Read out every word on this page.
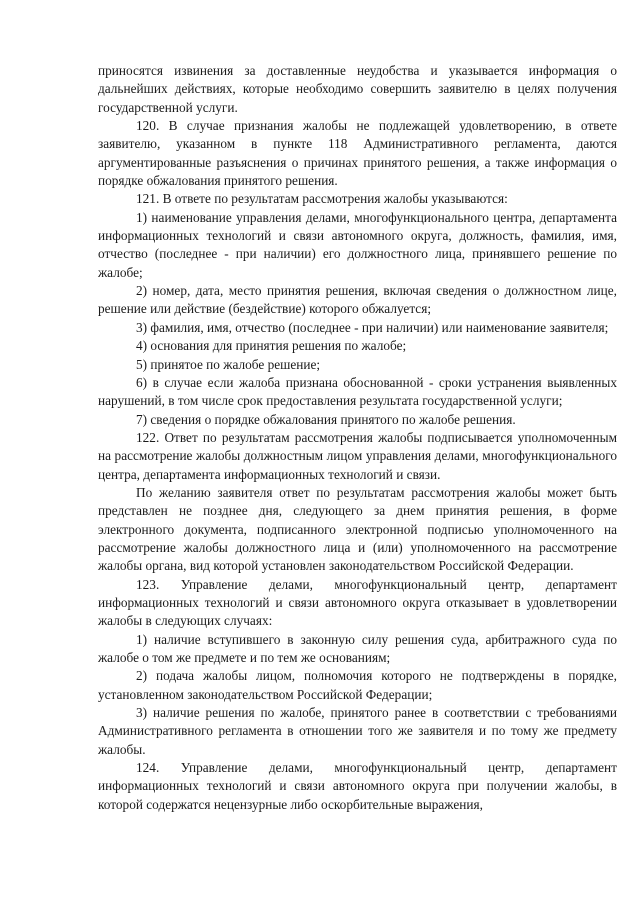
приносятся извинения за доставленные неудобства и указывается информация о дальнейших действиях, которые необходимо совершить заявителю в целях получения государственной услуги.

120. В случае признания жалобы не подлежащей удовлетворению, в ответе заявителю, указанном в пункте 118 Административного регламента, даются аргументированные разъяснения о причинах принятого решения, а также информация о порядке обжалования принятого решения.

121. В ответе по результатам рассмотрения жалобы указываются:

1) наименование управления делами, многофункционального центра, департамента информационных технологий и связи автономного округа, должность, фамилия, имя, отчество (последнее - при наличии) его должностного лица, принявшего решение по жалобе;

2) номер, дата, место принятия решения, включая сведения о должностном лице, решение или действие (бездействие) которого обжалуется;

3) фамилия, имя, отчество (последнее - при наличии) или наименование заявителя;

4) основания для принятия решения по жалобе;

5) принятое по жалобе решение;

6) в случае если жалоба признана обоснованной - сроки устранения выявленных нарушений, в том числе срок предоставления результата государственной услуги;

7) сведения о порядке обжалования принятого по жалобе решения.

122. Ответ по результатам рассмотрения жалобы подписывается уполномоченным на рассмотрение жалобы должностным лицом управления делами, многофункционального центра, департамента информационных технологий и связи.

По желанию заявителя ответ по результатам рассмотрения жалобы может быть представлен не позднее дня, следующего за днем принятия решения, в форме электронного документа, подписанного электронной подписью уполномоченного на рассмотрение жалобы должностного лица и (или) уполномоченного на рассмотрение жалобы органа, вид которой установлен законодательством Российской Федерации.

123. Управление делами, многофункциональный центр, департамент информационных технологий и связи автономного округа отказывает в удовлетворении жалобы в следующих случаях:

1) наличие вступившего в законную силу решения суда, арбитражного суда по жалобе о том же предмете и по тем же основаниям;

2) подача жалобы лицом, полномочия которого не подтверждены в порядке, установленном законодательством Российской Федерации;

3) наличие решения по жалобе, принятого ранее в соответствии с требованиями Административного регламента в отношении того же заявителя и по тому же предмету жалобы.

124. Управление делами, многофункциональный центр, департамент информационных технологий и связи автономного округа при получении жалобы, в которой содержатся нецензурные либо оскорбительные выражения,
